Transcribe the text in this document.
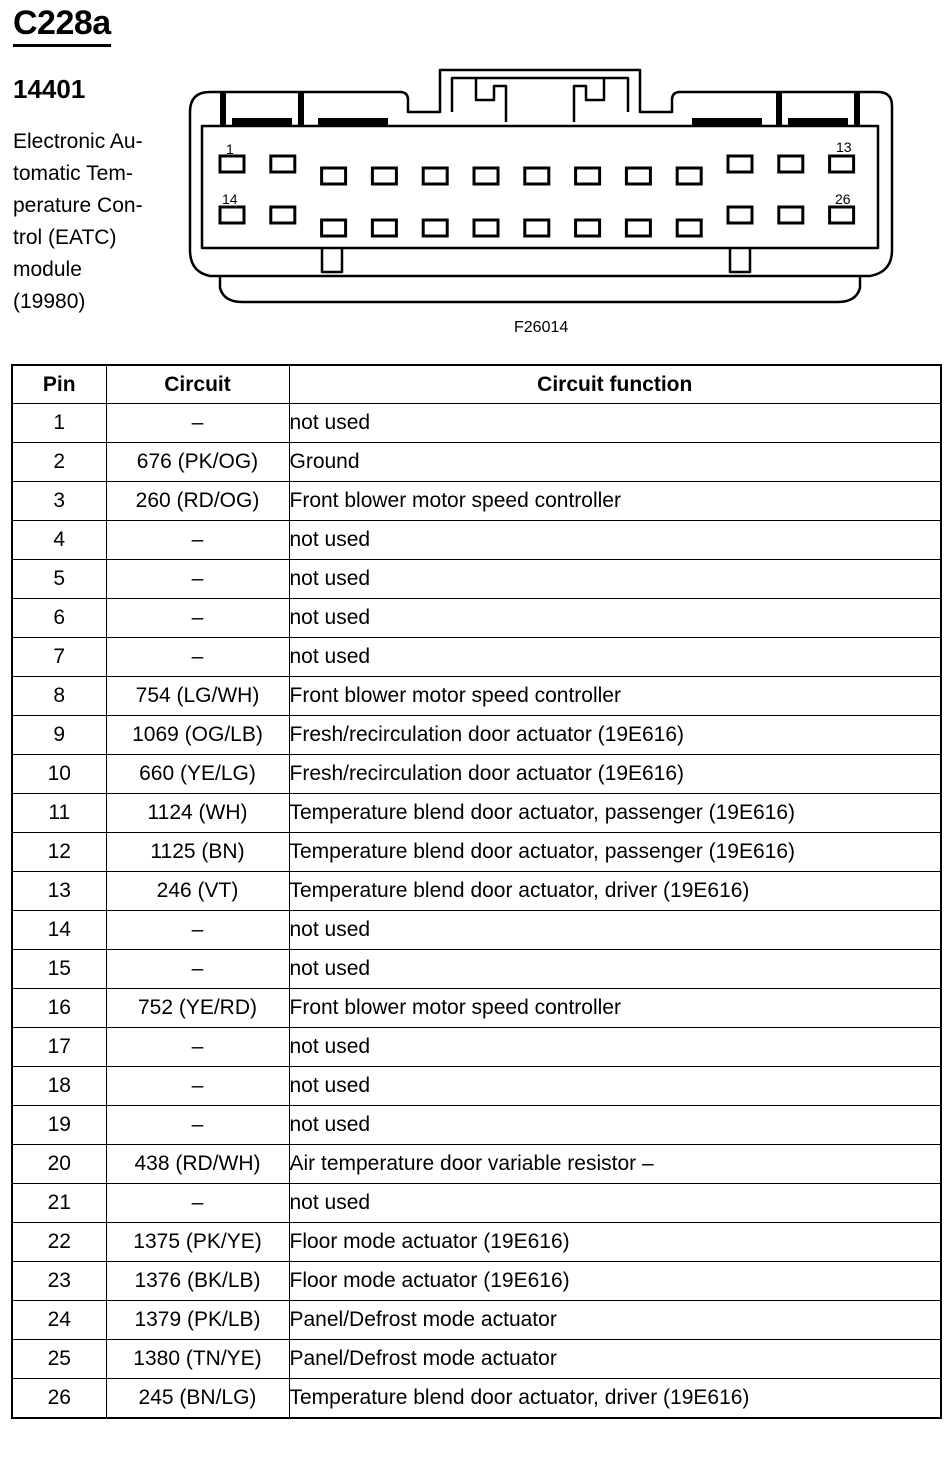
C228a
14401

Electronic Au-
tomatic Tem-
perature Con-
trol (EATC)
module
(19980)

1	13
14	26
F26014
Pin	Circuit	Circuit function
1	–	not used
2	676 (PK/OG)	Ground
3	260 (RD/OG)	Front blower motor speed controller
4	–	not used
5	–	not used
6	–	not used
7	–	not used
8	754 (LG/WH)	Front blower motor speed controller
9	1069 (OG/LB)	Fresh/recirculation door actuator (19E616)
10	660 (YE/LG)	Fresh/recirculation door actuator (19E616)
11	1124 (WH)	Temperature blend door actuator, passenger (19E616)
12	1125 (BN)	Temperature blend door actuator, passenger (19E616)
13	246 (VT)	Temperature blend door actuator, driver (19E616)
14	–	not used
15	–	not used
16	752 (YE/RD)	Front blower motor speed controller
17	–	not used
18	–	not used
19	–	not used
20	438 (RD/WH)	Air temperature door variable resistor –
21	–	not used
22	1375 (PK/YE)	Floor mode actuator (19E616)
23	1376 (BK/LB)	Floor mode actuator (19E616)
24	1379 (PK/LB)	Panel/Defrost mode actuator
25	1380 (TN/YE)	Panel/Defrost mode actuator
26	245 (BN/LG)	Temperature blend door actuator, driver (19E616)
